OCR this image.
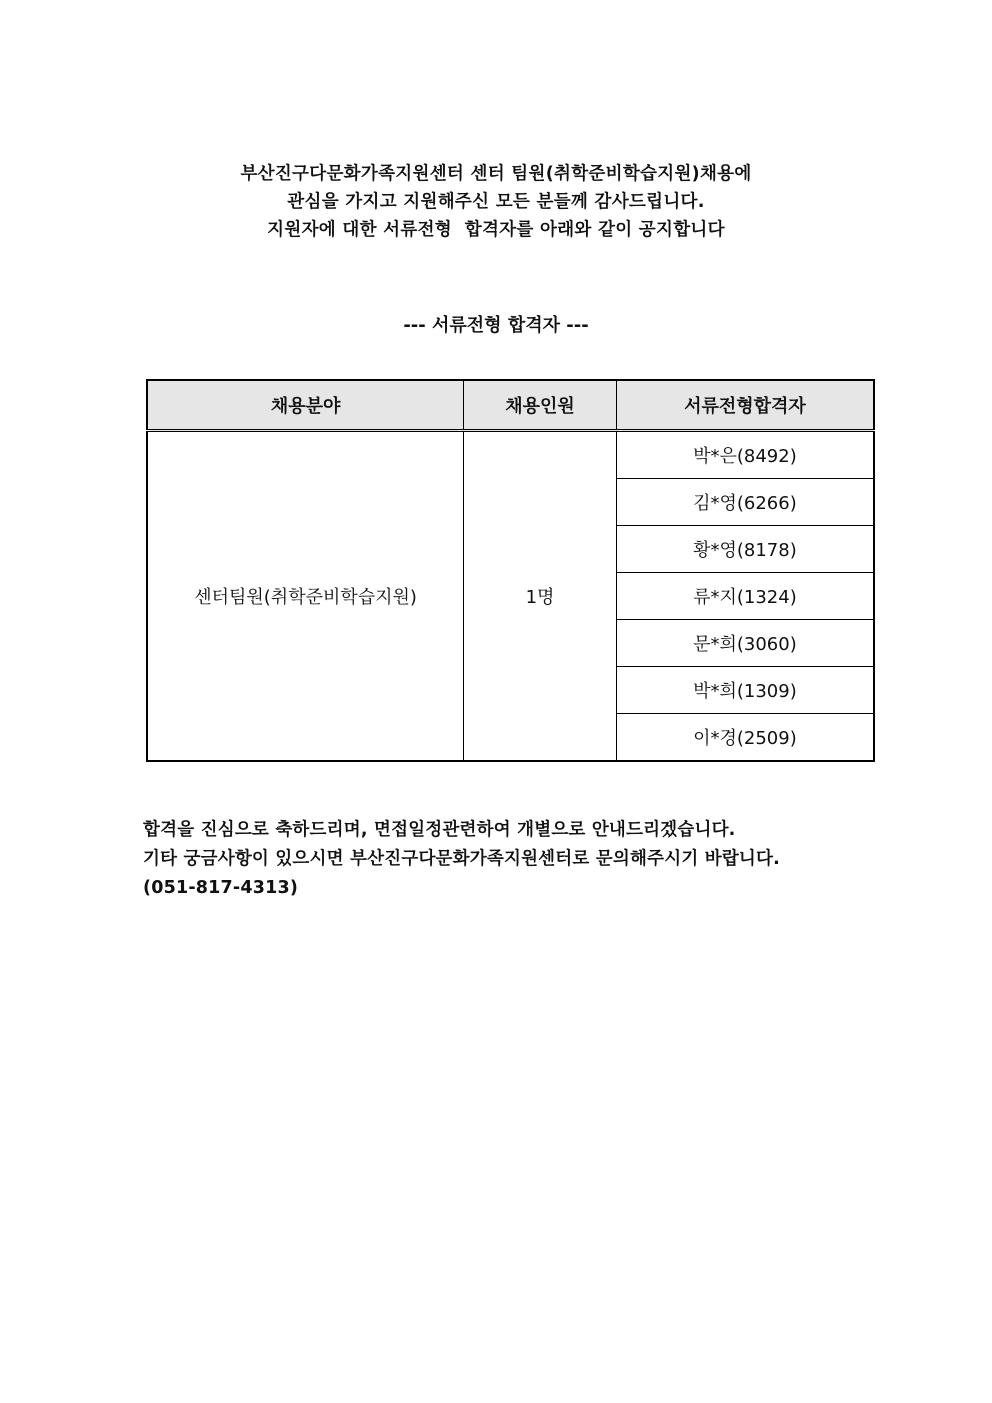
부산진구다문화가족지원센터 센터 팀원(취학준비학습지원)채용에
관심을 가지고 지원해주신 모든 분들께 감사드립니다.
지원자에 대한 서류전형  합격자를 아래와 같이 공지합니다
--- 서류전형 합격자 ---
채용분야	채용인원	서류전형합격자
센터팀원(취학준비학습지원)	1명	박*은(8492)
		김*영(6266)
		황*영(8178)
		류*지(1324)
		문*희(3060)
		박*희(1309)
		이*경(2509)
합격을 진심으로 축하드리며, 면접일정관련하여 개별으로 안내드리겠습니다.
기타 궁금사항이 있으시면 부산진구다문화가족지원센터로 문의해주시기 바랍니다.
(051-817-4313)
